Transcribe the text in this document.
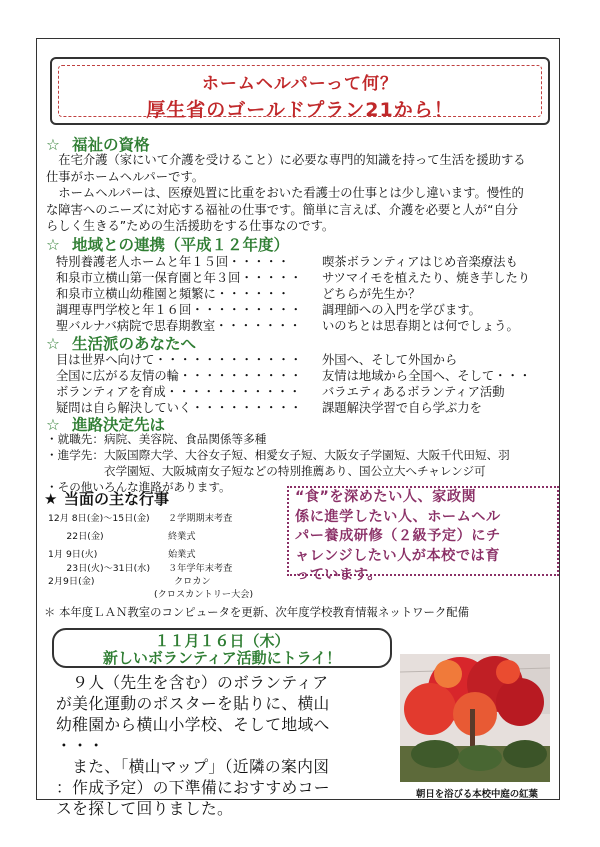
ホームヘルパーって何？
厚生省のゴールドプラン21から！
☆ 福祉の資格
　在宅介護（家にいて介護を受けること）に必要な専門的知識を持って生活を援助する
仕事がホームヘルパーです。
　ホームヘルパーは、医療処置に比重をおいた看護士の仕事とは少し違います。慢性的
な障害へのニーズに対応する福祉の仕事です。簡単に言えば、介護を必要と人が“自分
らしく生きる”ための生活援助をする仕事なのです。
☆ 地域との連携（平成１２年度）
特別養護老人ホームと年１５回・・・・・	喫茶ボランティアはじめ音楽療法も
和泉市立横山第一保育園と年３回・・・・・ サツマイモを植えたり、焼き芋したり
和泉市立横山幼稚園と頻繁に・・・・・・	どちらが先生か？
調理専門学校と年１６回・・・・・・・・・ 調理師への入門を学びます。
聖バルナバ病院で思春期教室・・・・・・・ いのちとは思春期とは何でしょう。
☆ 生活派のあなたへ
目は世界へ向けて・・・・・・・・・・・・ 外国へ、そして外国から
全国に広がる友情の輪・・・・・・・・・・ 友情は地域から全国へ、そして・・・
ボランティアを育成・・・・・・・・・・・ バラエティあるボランティア活動
疑問は自ら解決していく・・・・・・・・・ 課題解決学習で自ら学ぶ力を
☆ 進路決定先は
・就職先：病院、美容院、食品関係等多種
・進学先：大阪国際大学、大谷女子短、相愛女子短、大阪女子学園短、大阪千代田短、羽
　　　　　衣学園短、大阪城南女子短などの特別推薦あり、国公立大へチャレンジ可
・その他いろんな進路があります。
★ 当面の主な行事
12月 8日(金)～15日(金) ２学期期末考査
　　22日(金)	終業式
1月 9日(火)	始業式
　　23日(火)～31日(水) ３年学年末考査
2月9日(金)	クロカン
(クロスカントリー大会)
“食”を深めたい人、家政関
係に進学したい人、ホームヘル
パー養成研修（２級予定）にチ
ャレンジしたい人が本校では育
っています。
＊ 本年度ＬＡＮ教室のコンピュータを更新、次年度学校教育情報ネットワーク配備
１１月１６日（木）
新しいボランティア活動にトライ！
　９人（先生を含む）のボランティア
が美化運動のポスターを貼りに、横山
幼稚園から横山小学校、そして地域へ
・・・
　また、「横山マップ」（近隣の案内図
：作成予定）の下準備におすすめコー
スを探して回りました。
朝日を浴びる本校中庭の紅葉
